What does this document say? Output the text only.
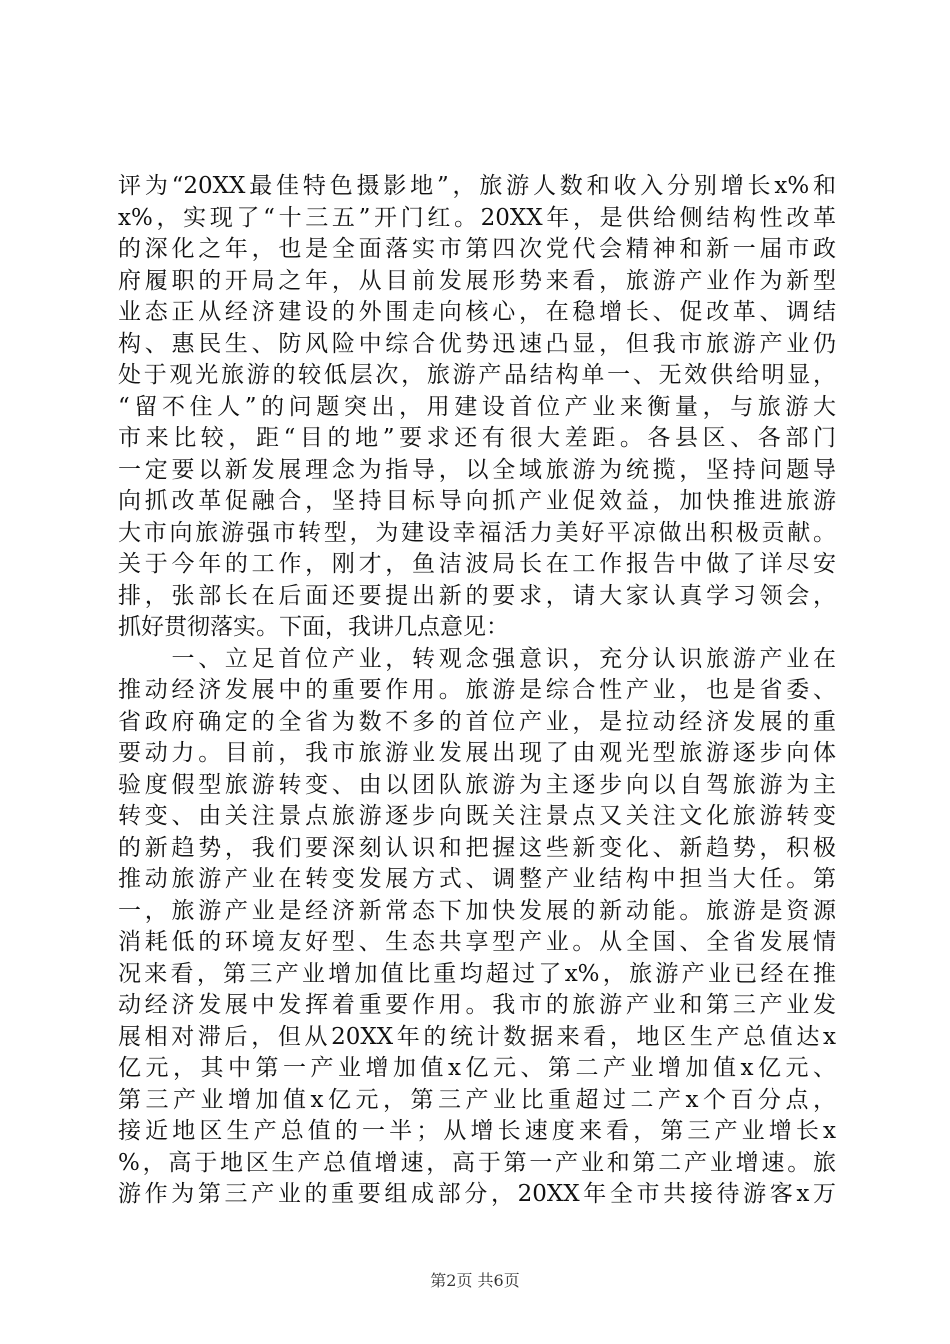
评为“20XX最佳特色摄影地”，旅游人数和收入分别增长x%和
x%，实现了“十三五”开门红。20XX年，是供给侧结构性改革
的深化之年，也是全面落实市第四次党代会精神和新一届市政
府履职的开局之年，从目前发展形势来看，旅游产业作为新型
业态正从经济建设的外围走向核心，在稳增长、促改革、调结
构、惠民生、防风险中综合优势迅速凸显，但我市旅游产业仍
处于观光旅游的较低层次，旅游产品结构单一、无效供给明显，
“留不住人”的问题突出，用建设首位产业来衡量，与旅游大
市来比较，距“目的地”要求还有很大差距。各县区、各部门
一定要以新发展理念为指导，以全域旅游为统揽，坚持问题导
向抓改革促融合，坚持目标导向抓产业促效益，加快推进旅游
大市向旅游强市转型，为建设幸福活力美好平凉做出积极贡献。
关于今年的工作，刚才，鱼洁波局长在工作报告中做了详尽安
排，张部长在后面还要提出新的要求，请大家认真学习领会，
抓好贯彻落实。下面，我讲几点意见：
　　一、立足首位产业，转观念强意识，充分认识旅游产业在
推动经济发展中的重要作用。旅游是综合性产业，也是省委、
省政府确定的全省为数不多的首位产业，是拉动经济发展的重
要动力。目前，我市旅游业发展出现了由观光型旅游逐步向体
验度假型旅游转变、由以团队旅游为主逐步向以自驾旅游为主
转变、由关注景点旅游逐步向既关注景点又关注文化旅游转变
的新趋势，我们要深刻认识和把握这些新变化、新趋势，积极
推动旅游产业在转变发展方式、调整产业结构中担当大任。第
一，旅游产业是经济新常态下加快发展的新动能。旅游是资源
消耗低的环境友好型、生态共享型产业。从全国、全省发展情
况来看，第三产业增加值比重均超过了x%，旅游产业已经在推
动经济发展中发挥着重要作用。我市的旅游产业和第三产业发
展相对滞后，但从20XX年的统计数据来看，地区生产总值达x
亿元，其中第一产业增加值x亿元、第二产业增加值x亿元、
第三产业增加值x亿元，第三产业比重超过二产x个百分点，
接近地区生产总值的一半；从增长速度来看，第三产业增长x
%，高于地区生产总值增速，高于第一产业和第二产业增速。旅
游作为第三产业的重要组成部分，20XX年全市共接待游客x万
第2页 共6页
